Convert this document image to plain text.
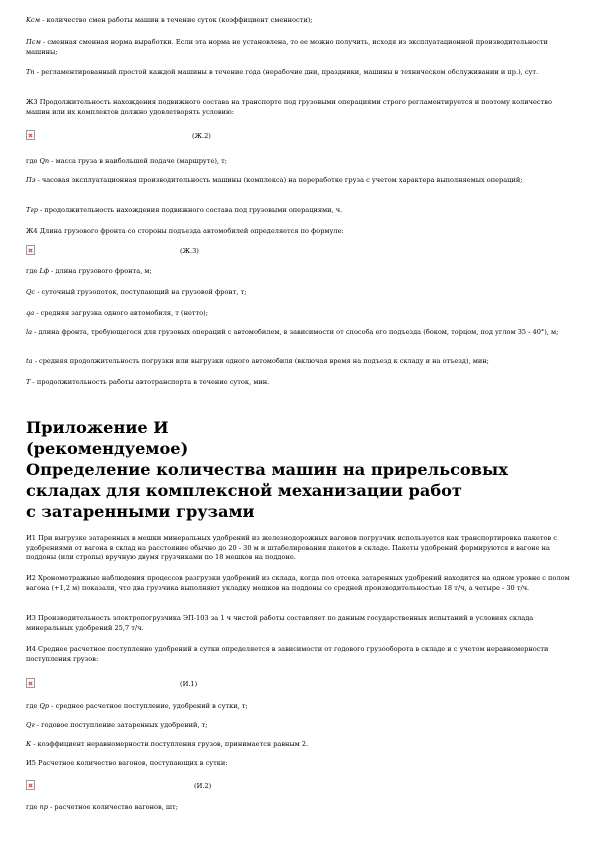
Kсм - количество смен работы машин в течение суток (коэффициент сменности);
Псм - сменная сменная норма выработки. Если эта норма не установлена, то ее можно получить, исходя из эксплуатационной производительности машины;
Тп - регламентированный простой каждой машины в течение года (нерабочие дни, праздники, машины в техническом обслуживании и пр.), сут.
Ж3 Продолжительность нахождения подвижного состава на транспорте под грузовыми операциями строго регламентируется и поэтому количество машин или их комплектов должно удовлетворять условию:
(Ж.2)
где Qп - масса груза в наибольшей подаче (маршруте), т;
Пэ - часовая эксплуатационная производительность машины (комплекса) на переработке груза с учетом характера выполняемых операций;
Тгр - продолжительность нахождения подвижного состава под грузовыми операциями, ч.
Ж4 Длина грузового фронта со стороны подъезда автомобилей определяется по формуле:
(Ж.3)
где Lф - длина грузового фронта, м;
Qс - суточный грузопоток, поступающий на грузовой фронт, т;
qа - средняя загрузка одного автомобиля, т (нетто);
lа - длина фронта, требующегося для грузовых операций с автомобилем, в зависимости от способа его подъезда (боком, торцом, под углом 35 - 40°), м;
tа - средняя продолжительность погрузки или выгрузки одного автомобиля (включая время на подъезд к складу и на отъезд), мин;
Т - продолжительность работы автотранспорта в течение суток, мин.
Приложение И
(рекомендуемое)
Определение количества машин на прирельсовых
складах для комплексной механизации работ
с затаренными грузами
И1 При выгрузке затаренных в мешки минеральных удобрений из железнодорожных вагонов погрузчик используется как транспортировка пакетов с удобрениями от вагона в склад на расстояние обычно до 20 - 30 м и штабелирования пакетов в складе. Пакеты удобрений формируются в вагоне на поддоны (или стропы) вручную двумя грузчиками по 18 мешков на поддоне.
И2 Хронометражные наблюдения процессов разгрузки удобрений из склада, когда пол отсека затаренных удобрений находится на одном уровне с полом вагона (+1,2 м) показали, что два грузчика выполняют укладку мешков на поддоны со средней производительностью 18 т/ч, а четыре - 30 т/ч.
И3 Производительность электропогрузчика ЭП-103 за 1 ч чистой работы составляет по данным государственных испытаний в условиях склада минеральных удобрений 25,7 т/ч.
И4 Среднее расчетное поступление удобрений в сутки определяется в зависимости от годового грузооборота в складе и с учетом неравномерности поступления грузов:
(И.1)
где Qр - среднее расчетное поступление, удобрений в сутки, т;
Qг - годовое поступление затаренных удобрений, т;
К - коэффициент неравномерности поступления грузов, принимается равным 2.
И5 Расчетное количество вагонов, поступающих в сутки:
(И.2)
где nр - расчетное количество вагонов, шт;
